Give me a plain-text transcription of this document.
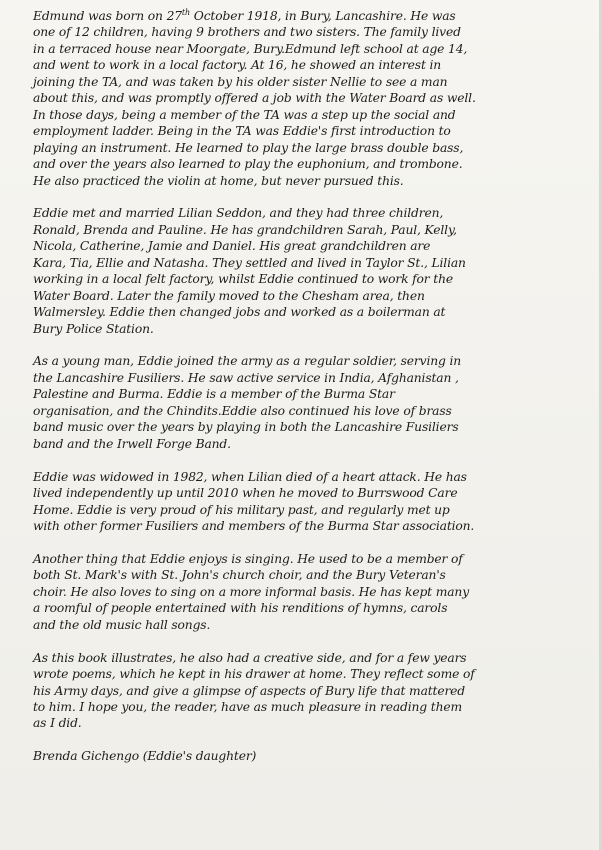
Edmund was born on 27th October 1918, in Bury, Lancashire. He was
one of 12 children, having 9 brothers and two sisters. The family lived
in a terraced house near Moorgate, Bury.Edmund left school at age 14,
and went to work in a local factory. At 16, he showed an interest in
joining the TA, and was taken by his older sister Nellie to see a man
about this, and was promptly offered a job with the Water Board as well.
In those days, being a member of the TA was a step up the social and
employment ladder. Being in the TA was Eddie's first introduction to
playing an instrument. He learned to play the large brass double bass,
and over the years also learned to play the euphonium, and trombone.
He also practiced the violin at home, but never pursued this.

Eddie met and married Lilian Seddon, and they had three children,
Ronald, Brenda and Pauline. He has grandchildren Sarah, Paul, Kelly,
Nicola, Catherine, Jamie and Daniel. His great grandchildren are
Kara, Tia, Ellie and Natasha. They settled and lived in Taylor St., Lilian
working in a local felt factory, whilst Eddie continued to work for the
Water Board. Later the family moved to the Chesham area, then
Walmersley. Eddie then changed jobs and worked as a boilerman at
Bury Police Station.

As a young man, Eddie joined the army as a regular soldier, serving in
the Lancashire Fusiliers. He saw active service in India, Afghanistan ,
Palestine and Burma. Eddie is a member of the Burma Star
organisation, and the Chindits.Eddie also continued his love of brass
band music over the years by playing in both the Lancashire Fusiliers
band and the Irwell Forge Band.

Eddie was widowed in 1982, when Lilian died of a heart attack. He has
lived independently up until 2010 when he moved to Burrswood Care
Home. Eddie is very proud of his military past, and regularly met up
with other former Fusiliers and members of the Burma Star association.

Another thing that Eddie enjoys is singing. He used to be a member of
both St. Mark's with St. John's church choir, and the Bury Veteran's
choir. He also loves to sing on a more informal basis. He has kept many
a roomful of people entertained with his renditions of hymns, carols
and the old music hall songs.

As this book illustrates, he also had a creative side, and for a few years
wrote poems, which he kept in his drawer at home. They reflect some of
his Army days, and give a glimpse of aspects of Bury life that mattered
to him. I hope you, the reader, have as much pleasure in reading them
as I did.

Brenda Gichengo (Eddie's daughter)
